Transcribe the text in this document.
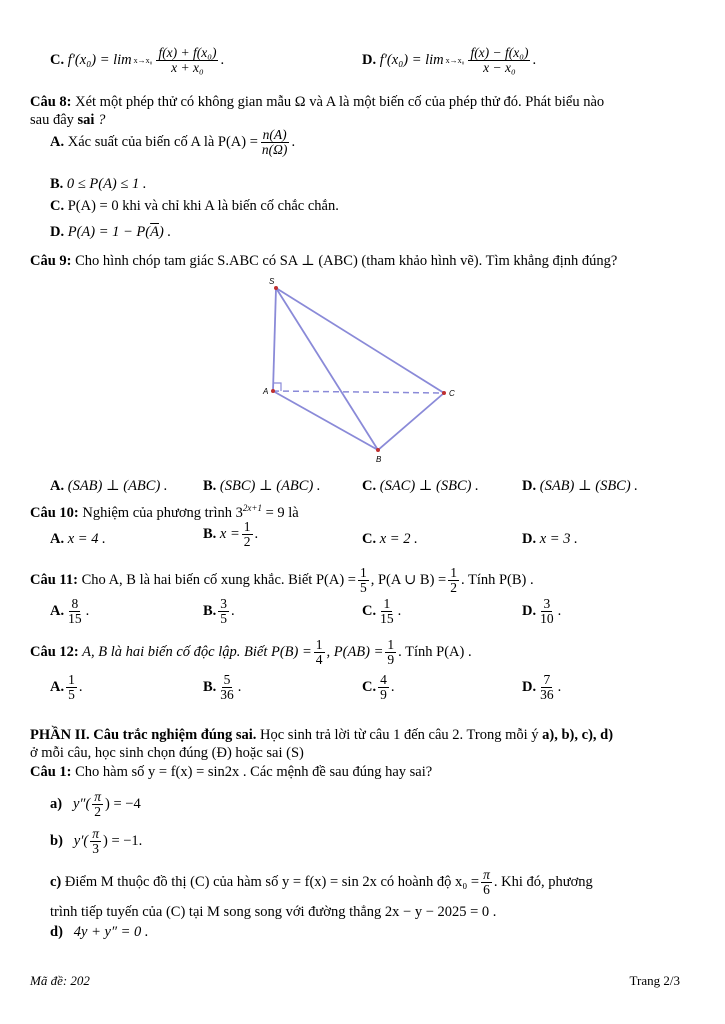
C. $f'(x_0) = \lim x\to x_0 \frac{\text{f(x) + f(x₀)}}{\text{x + x₀}}$ .	D. $f'(x_0) = \lim x\to x_0 \frac{\text{f(x) − f(x₀)}}{\text{x − x₀}}$ .
Câu 8: Xét một phép thử có không gian mẫu Ω và A là một biến cố của phép thử đó. Phát biểu nào
sau đây sai ?
A. Xác suất của biến cố A là $P(A) = \frac{n(A)}{n(\Omega)}$ .
B. 0 ≤ P(A) ≤ 1 .
C. P(A) = 0 khi và chỉ khi A là biến cố chắc chắn.
D. $P(A) = 1 - P(\overline{A})$ .
Câu 9: Cho hình chóp tam giác S.ABC có SA ⊥ (ABC) (tham khảo hình vẽ). Tìm khẳng định đúng?
S
A
B
C
A. (SAB) ⊥ (ABC) . B. (SBC) ⊥ (ABC) .	C. (SAC) ⊥ (SBC) .	D. (SAB) ⊥ (SBC) .
Câu 10: Nghiệm của phương trình $3^{2x+1} = 9$ là
A. x = 4 .	B. $x = \frac{1}{2}$ .	C. x = 2 .	D. x = 3 .
Câu 11: Cho A, B là hai biến cố xung khắc. Biết $P(A) = \frac{1}{5}$ , P(A ∪ $B) = \frac{1}{2}$ . Tính P(B) .
A. $\frac{8}{15}$ .	B. $\frac{3}{5}$ .	C. $\frac{1}{15}$ .	D. $\frac{3}{10}$ .
Câu 12: A, B là hai biến cố độc lập. Biết $P(B) = \frac{1}{4}$ , $P(AB) = \frac{1}{9}$ . Tính P(A) .
A. $\frac{1}{5}$ .	B. $\frac{5}{36}$ .	C. $\frac{4}{9}$ .	D. $\frac{7}{36}$ .
PHẦN II. Câu trắc nghiệm đúng sai. Học sinh trả lời từ câu 1 đến câu 2. Trong mỗi ý a), b), c), d)
ở mỗi câu, học sinh chọn đúng (Đ) hoặc sai (S)
Câu 1: Cho hàm số y = f(x) = sin2x . Các mệnh đề sau đúng hay sai?
a) $y''( \frac{\pi}{2}$ ) = −4
b) $y'( \frac{\pi}{3}$ ) = −1.
c) Điểm M thuộc đồ thị (C) của hàm số y = f(x) = sin 2x có hoành độ $x_0 = \frac{\pi}{6}$ . Khi đó, phương
trình tiếp tuyến của (C) tại M song song với đường thẳng 2x − y − 2025 = 0 .
d) 4y + y″ = 0 .
Mã đề: 202	Trang 2/3
